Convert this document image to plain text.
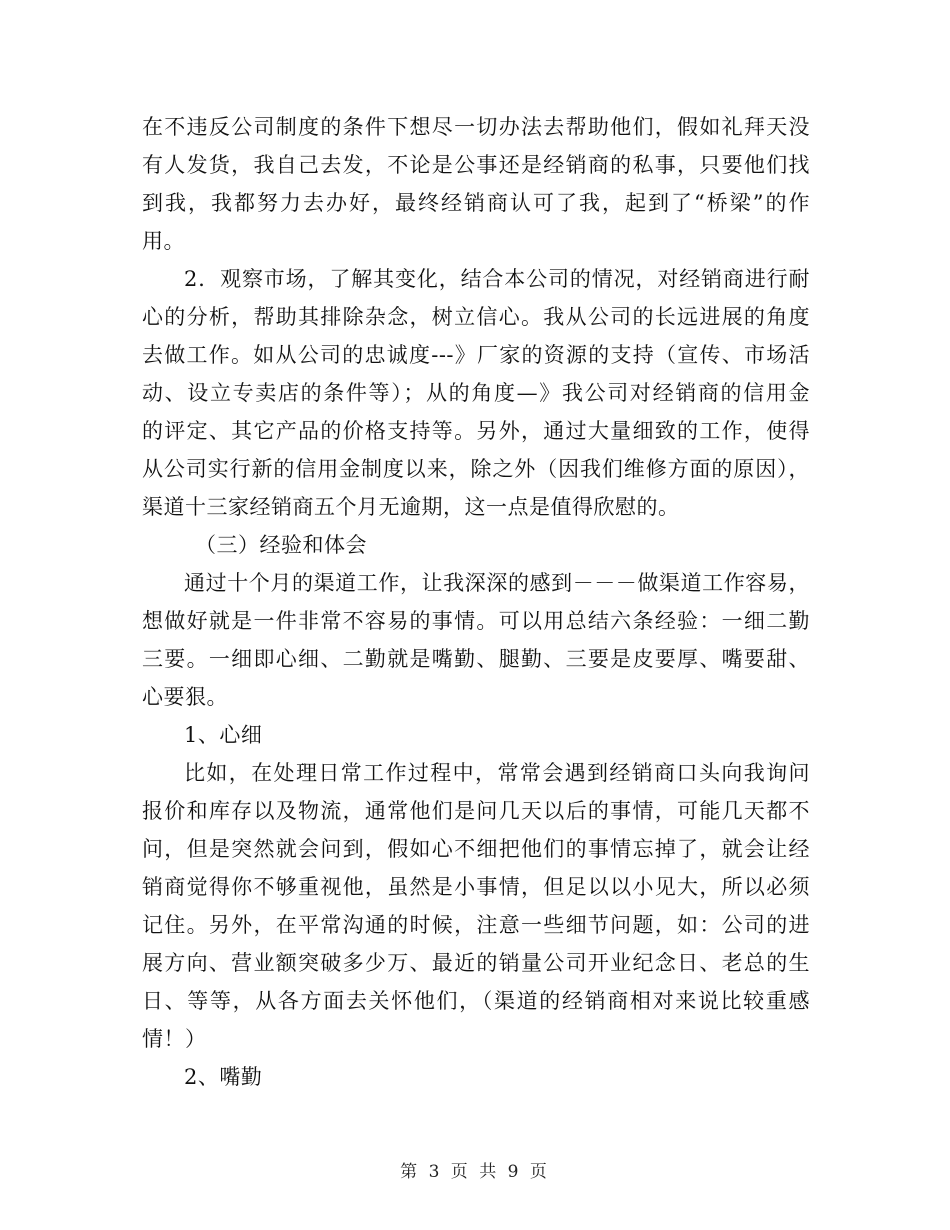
在不违反公司制度的条件下想尽一切办法去帮助他们，假如礼拜天没
有人发货，我自己去发，不论是公事还是经销商的私事，只要他们找
到我，我都努力去办好，最终经销商认可了我，起到了“桥梁”的作
用。
2．观察市场，了解其变化，结合本公司的情况，对经销商进行耐
心的分析，帮助其排除杂念，树立信心。我从公司的长远进展的角度
去做工作。如从公司的忠诚度---》厂家的资源的支持（宣传、市场活
动、设立专卖店的条件等）；从的角度—》我公司对经销商的信用金
的评定、其它产品的价格支持等。另外，通过大量细致的工作，使得
从公司实行新的信用金制度以来，除之外（因我们维修方面的原因），
渠道十三家经销商五个月无逾期，这一点是值得欣慰的。
（三）经验和体会
通过十个月的渠道工作，让我深深的感到－－－做渠道工作容易，
想做好就是一件非常不容易的事情。可以用总结六条经验：一细二勤
三要。一细即心细、二勤就是嘴勤、腿勤、三要是皮要厚、嘴要甜、
心要狠。
1、心细
比如，在处理日常工作过程中，常常会遇到经销商口头向我询问
报价和库存以及物流，通常他们是问几天以后的事情，可能几天都不
问，但是突然就会问到，假如心不细把他们的事情忘掉了，就会让经
销商觉得你不够重视他，虽然是小事情，但足以以小见大，所以必须
记住。另外，在平常沟通的时候，注意一些细节问题，如：公司的进
展方向、营业额突破多少万、最近的销量公司开业纪念日、老总的生
日、等等，从各方面去关怀他们，（渠道的经销商相对来说比较重感
情！）
2、嘴勤
第 3 页 共 9 页
